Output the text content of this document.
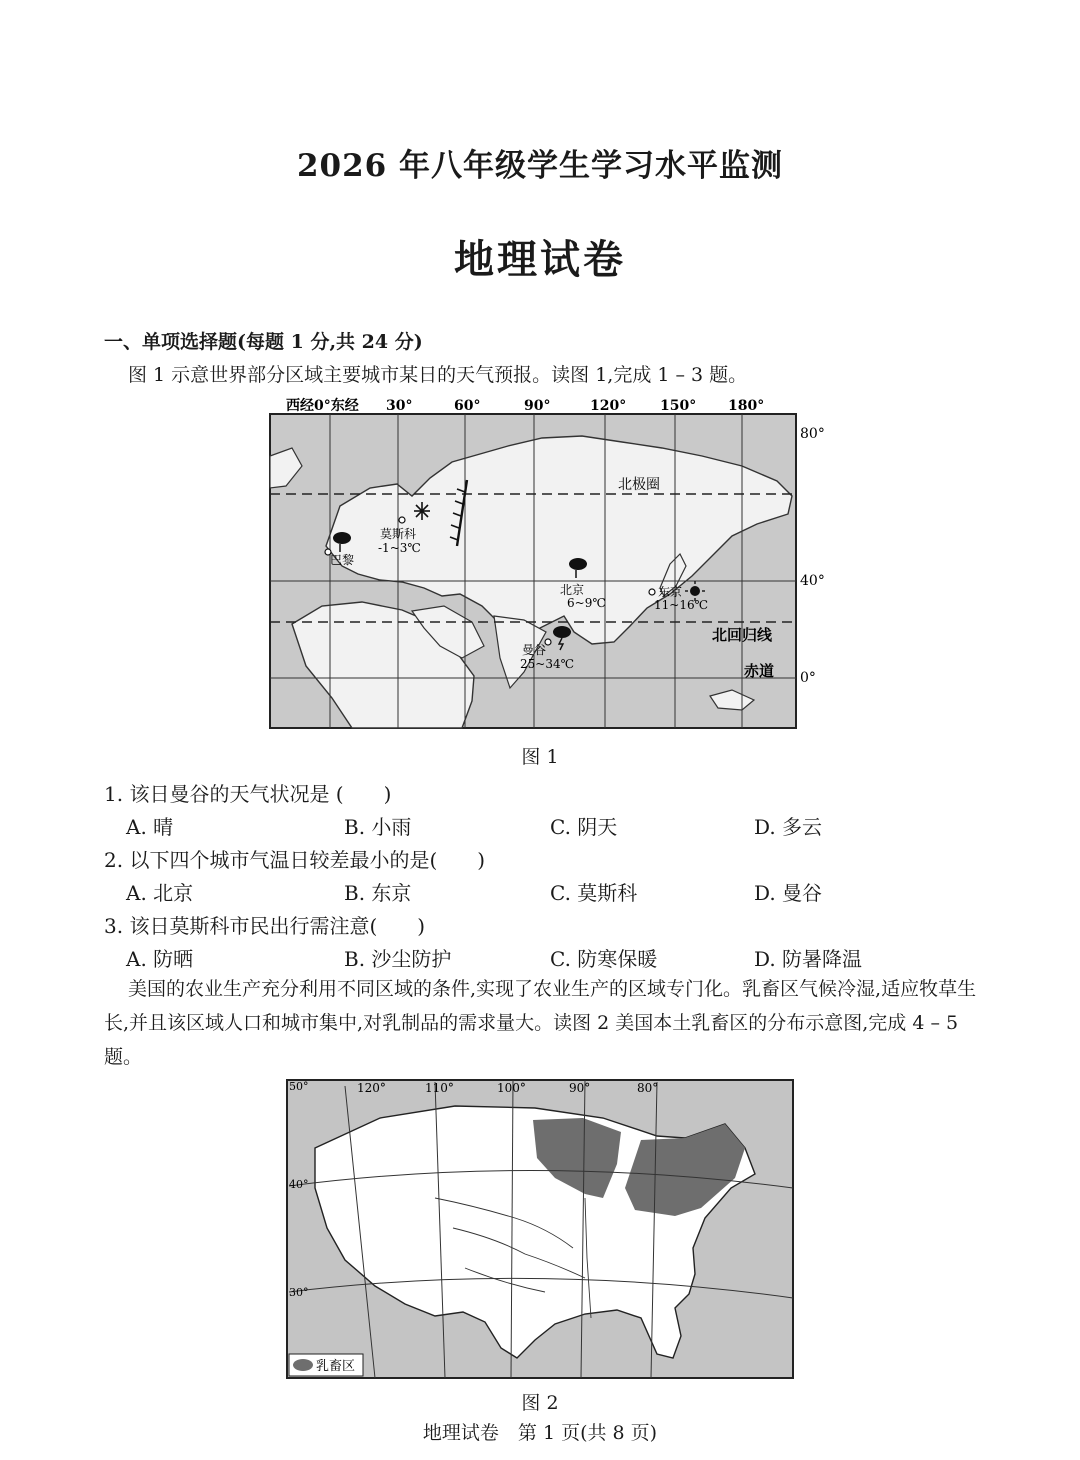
2026 年八年级学生学习水平监测
地理试卷
一、单项选择题(每题 1 分,共 24 分)
图 1 示意世界部分区域主要城市某日的天气预报。读图 1,完成 1 – 3 题。
西经0°东经 30°	60°	90°	120° 150° 180°
80°
40°
0°
北极圈
北回归线
赤道
莫斯科
-1~3℃
巴黎
北京
6~9℃
东京
11~16℃
曼谷
25~34℃
图 1
1. 该日曼谷的天气状况是 (　　)
A. 晴	B. 小雨	C. 阴天	D. 多云
2. 以下四个城市气温日较差最小的是(　　)
A. 北京	B. 东京	C. 莫斯科	D. 曼谷
3. 该日莫斯科市民出行需注意(　　)
A. 防晒	B. 沙尘防护	C. 防寒保暖	D. 防暑降温
美国的农业生产充分利用不同区域的条件,实现了农业生产的区域专门化。乳畜区气候冷湿,适应牧草生长,并且该区域人口和城市集中,对乳制品的需求量大。读图 2 美国本土乳畜区的分布示意图,完成 4 – 5 题。
120°	110°	100°	90°	80°
50°
40°
30°
乳畜区
图 2
地理试卷　第 1 页(共 8 页)
